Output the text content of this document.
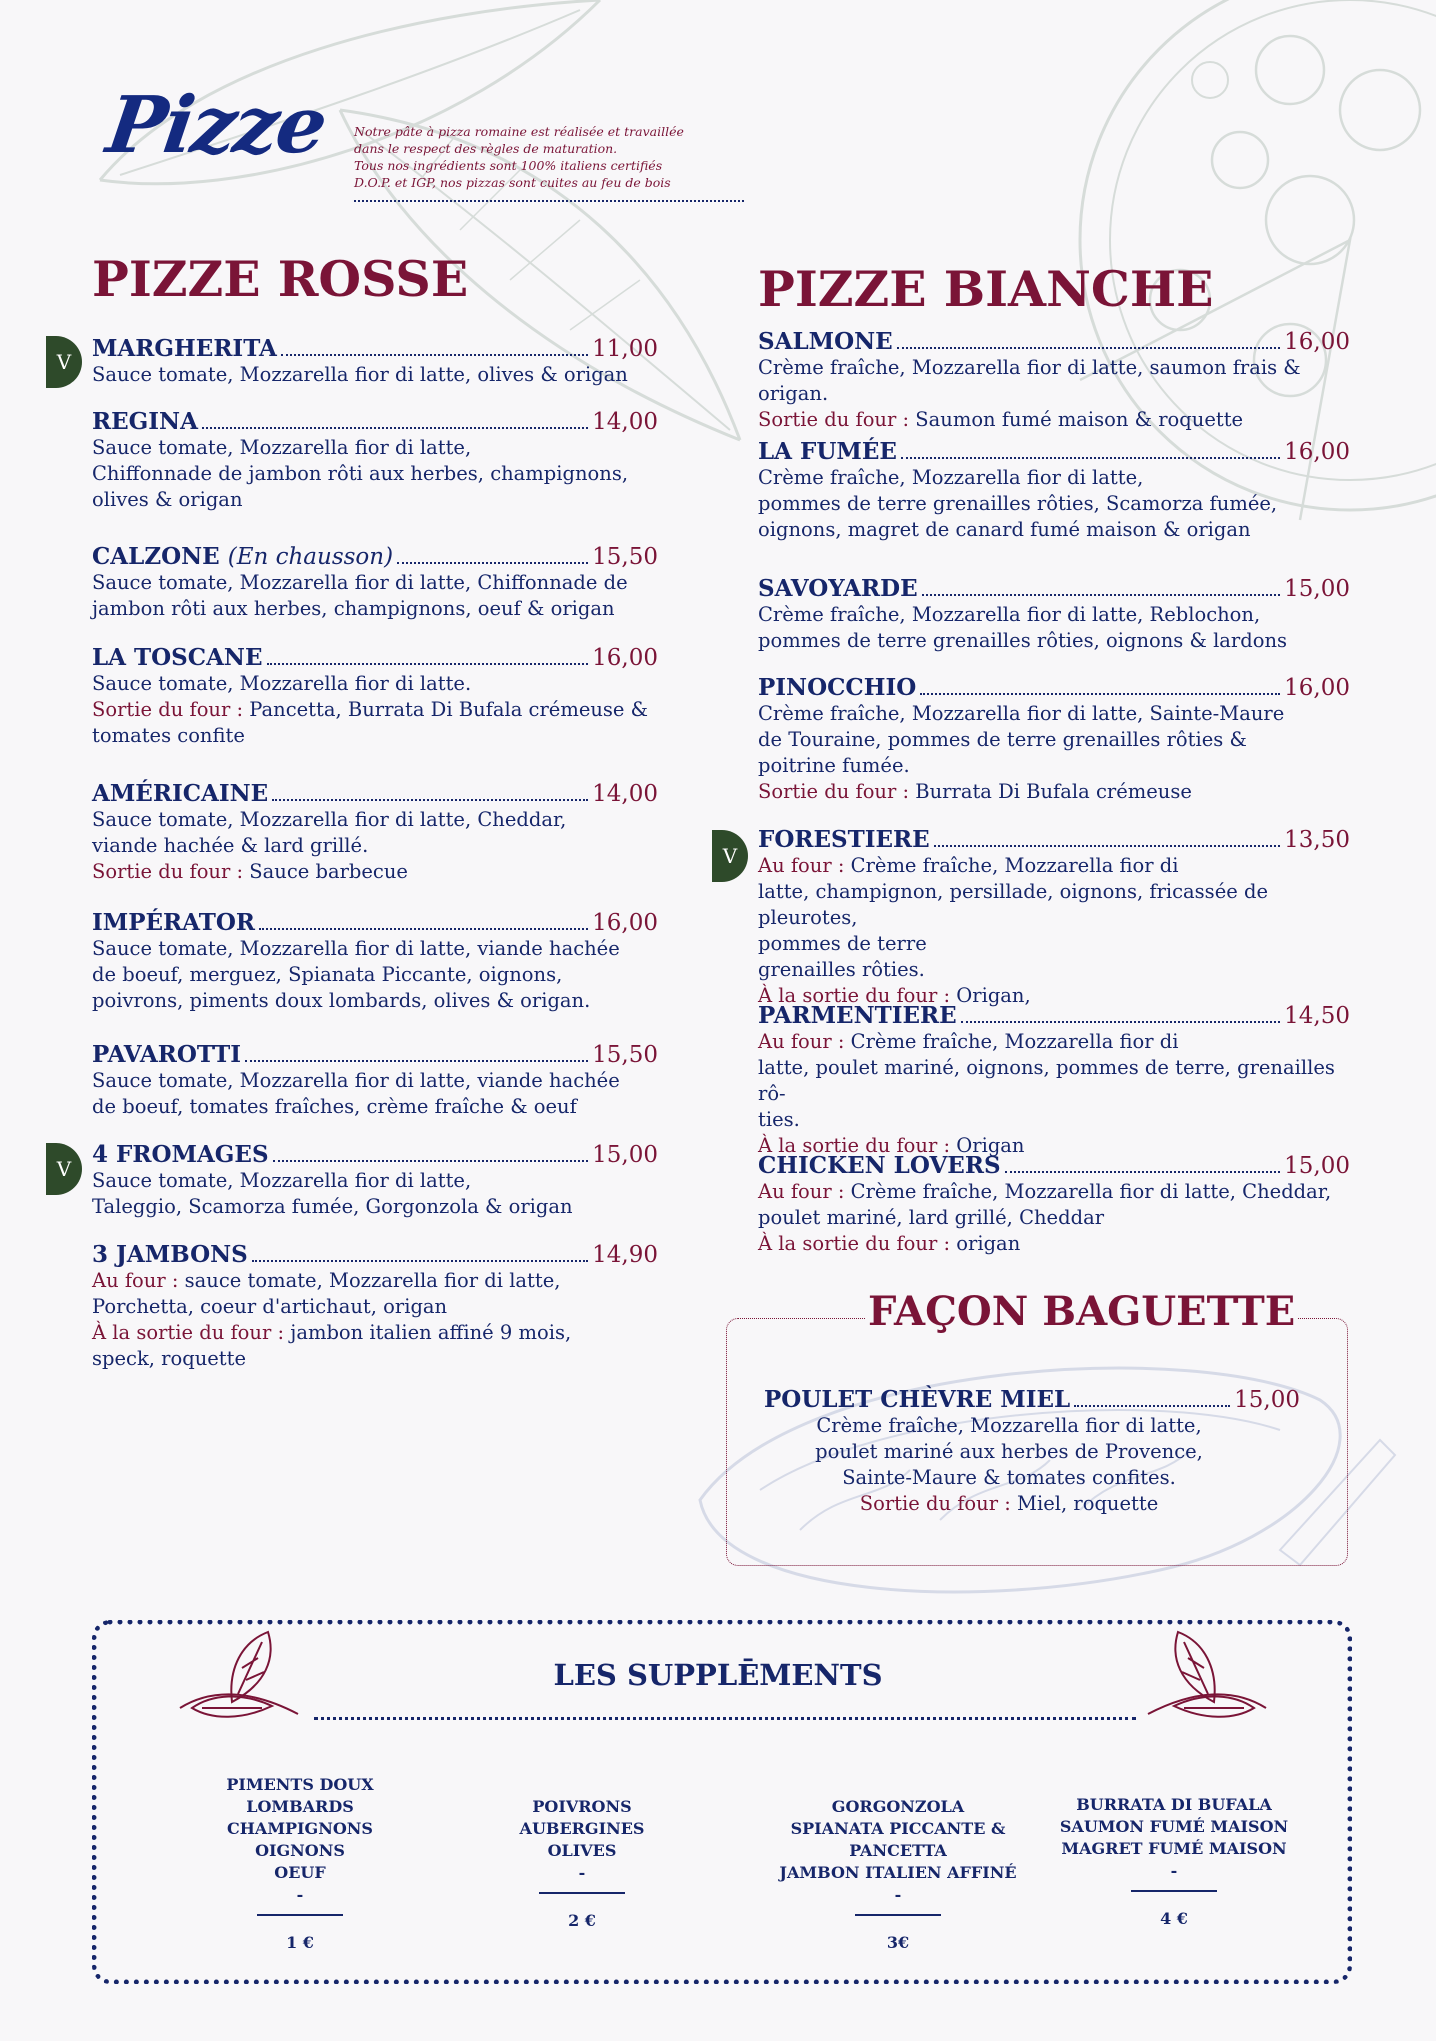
Pizze Notre pâte à pizza romaine est réalisée et travaillée
dans le respect des règles de maturation.
Tous nos ingrédients sont 100% italiens certifiés
D.O.P. et IGP, nos pizzas sont cuites au feu de bois
PIZZE ROSSE	PIZZE BIANCHE
V MARGHERITA	11,00

Sauce tomate, Mozzarella fior di latte, olives & origan

REGINA	14,00

Sauce tomate, Mozzarella fior di latte,
Chiffonnade de jambon rôti aux herbes, champignons,
olives & origan

CALZONE (En chausson)	15,50

Sauce tomate, Mozzarella fior di latte, Chiffonnade de
jambon rôti aux herbes, champignons, oeuf & origan

LA TOSCANE	16,00

Sauce tomate, Mozzarella fior di latte.
Sortie du four : Pancetta, Burrata Di Bufala crémeuse &
tomates confite

AMÉRICAINE	14,00

Sauce tomate, Mozzarella fior di latte, Cheddar,
viande hachée & lard grillé.
Sortie du four : Sauce barbecue

IMPÉRATOR	16,00

Sauce tomate, Mozzarella fior di latte, viande hachée
de boeuf, merguez, Spianata Piccante, oignons,
poivrons, piments doux lombards, olives & origan.

PAVAROTTI	15,50

Sauce tomate, Mozzarella fior di latte, viande hachée
de boeuf, tomates fraîches, crème fraîche & oeuf

V
4 FROMAGES	15,00

Sauce tomate, Mozzarella fior di latte,
Taleggio, Scamorza fumée, Gorgonzola & origan

3 JAMBONS	14,90

Au four : sauce tomate, Mozzarella fior di latte,
Porchetta, coeur d'artichaut, origan
À la sortie du four : jambon italien affiné 9 mois,
speck, roquette

SALMONE	16,00

Crème fraîche, Mozzarella fior di latte, saumon frais & origan.
Sortie du four : Saumon fumé maison & roquette

LA FUMÉE	16,00

Crème fraîche, Mozzarella fior di latte,
pommes de terre grenailles rôties, Scamorza fumée,
oignons, magret de canard fumé maison & origan

SAVOYARDE	15,00

Crème fraîche, Mozzarella fior di latte, Reblochon,
pommes de terre grenailles rôties, oignons & lardons

PINOCCHIO	16,00

Crème fraîche, Mozzarella fior di latte, Sainte-Maure
de Touraine, pommes de terre grenailles rôties &
poitrine fumée.
Sortie du four : Burrata Di Bufala crémeuse

V
FORESTIERE	13,50

Au four : Crème fraîche, Mozzarella fior di
latte, champignon, persillade, oignons, fricassée de pleurotes,
pommes de terre
grenailles rôties.
À la sortie du four : Origan,

PARMENTIERE	14,50

Au four : Crème fraîche, Mozzarella fior di
latte, poulet mariné, oignons, pommes de terre, grenailles rô-
ties.
À la sortie du four : Origan

CHICKEN LOVERS	15,00

Au four : Crème fraîche, Mozzarella fior di latte, Cheddar,
poulet mariné, lard grillé, Cheddar
À la sortie du four : origan

FAÇON BAGUETTE
POULET CHÈVRE MIEL	15,00

Crème fraîche, Mozzarella fior di latte,
poulet mariné aux herbes de Provence,
Sainte-Maure & tomates confites.
Sortie du four : Miel, roquette

LES SUPPLĒMENTS
PIMENTS DOUX LOMBARDS
CHAMPIGNONS
OIGNONS
OEUF
-
1 €
POIVRONS
AUBERGINES
OLIVES
-
2 €
GORGONZOLA
SPIANATA PICCANTE & PANCETTA
JAMBON ITALIEN AFFINÉ
-
3€
BURRATA DI BUFALA
SAUMON FUMÉ MAISON
MAGRET FUMÉ MAISON
-
4 €
